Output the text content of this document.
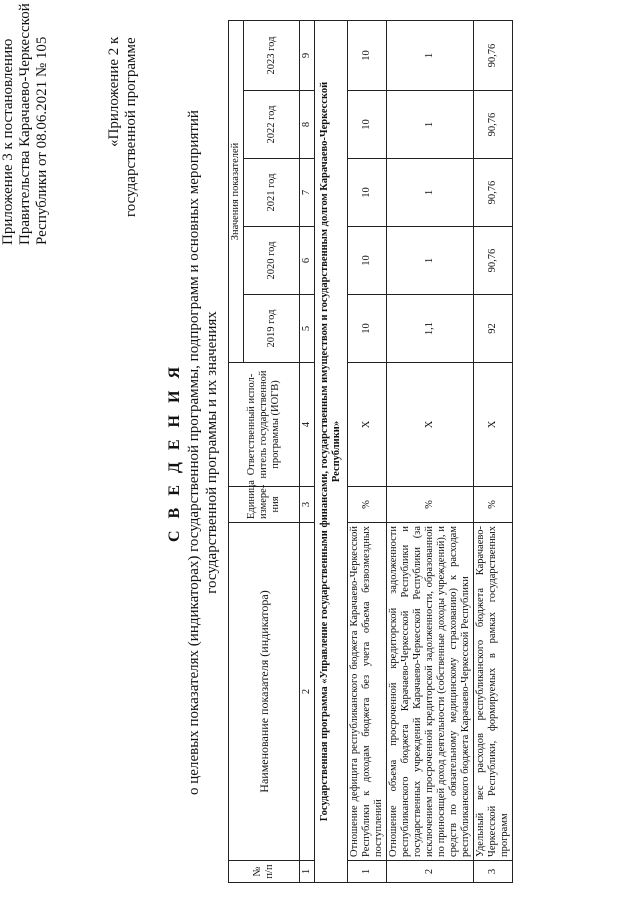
Приложение 3 к постановлению Правительства Карачаево-Черкесской Республики от 08.06.2021 № 105	«Приложение 2 к государственной программе
С В Е Д Е Н И Я о целевых показателях (индикаторах) государственной программы, подпрограмм и основных мероприятий государственной программы и их значениях
№ п/п	Наименование показателя (индикатора)	Единица измере-ния	Ответственный испол-нитель государственной программы (ИОГВ)	Значения показателей				
				2019 год	2020 год	2021 год	2022 год	2023 год
1	2	3	4	5	6	7	8	9
Государственная программа «Управление государственными финансами, государственным имуществом и государственным долгом Карачаево-Черкесской Республики»								
1	Отношение дефицита республиканского бюджета Карачаево-Черкесской Республики к доходам бюджета без учета объема безвозмездных поступлений	%	X	10	10	10	10	10
2	Отношение объема просроченной кредиторской задолженности республиканского бюджета Карачаево-Черкесской Республики и государственных учреждений Карачаево-Черкесской Республики (за исключением просроченной кредиторской задолженности, образованной по приносящей доход деятельности (собственные доходы учреждений), и средств по обязательному медицинскому страхованию) к расходам республиканского бюджета Карачаево-Черкесской Республики	%	X	1,1	1	1	1	1
3	Удельный вес расходов республиканского бюджета Карачаево-Черкесской Республики, формируемых в рамках государственных программ	%	X	92	90,76	90,76	90,76	90,76
